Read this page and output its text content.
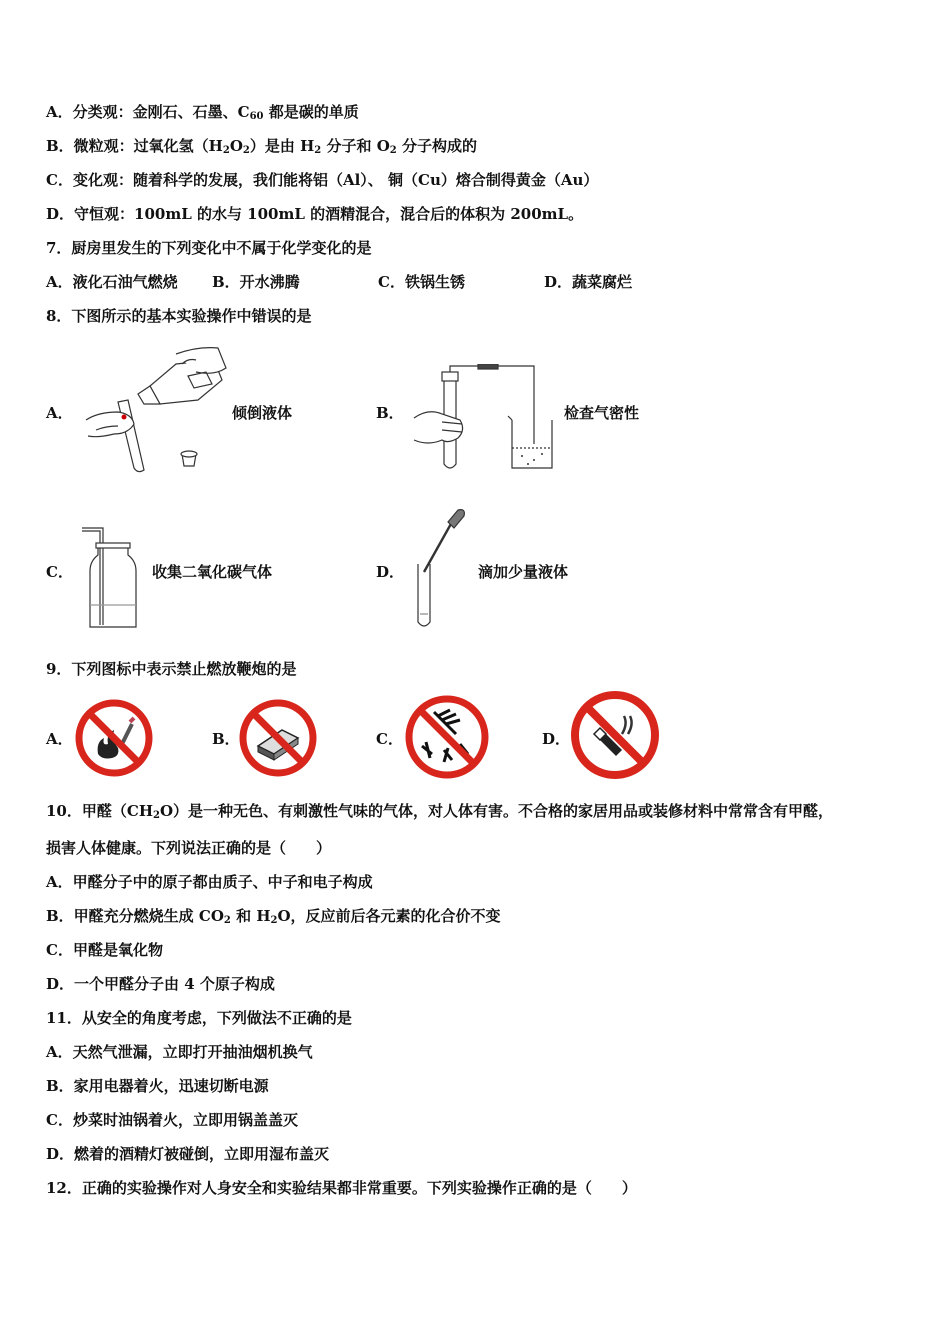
A．分类观：金刚石、石墨、$C_{60}$ 都是碳的单质
B．微粒观：过氧化氢$(H_2O_2)$是由 $H_2$ 分子和 $O_2$ 分子构成的
C．变化观：随着科学的发展，我们能将铝（Al）、 铜（Cu）熔合制得黄金（Au）
D．守恒观：100mL 的水与 100mL 的酒精混合，混合后的体积为 200mL。
7．厨房里发生的下列变化中不属于化学变化的是
A．液化石油气燃烧 B．开水沸腾	C．铁锅生锈	D．蔬菜腐烂
8．下图所示的基本实验操作中错误的是
A．	倾倒液体	B．	检查气密性
C．	收集二氧化碳气体	D．	滴加少量液体
9．下列图标中表示禁止燃放鞭炮的是
A．	B．	C．	D．
10．甲醛$(CH_2O)$是一种无色、有刺激性气味的气体，对人体有害。不合格的家居用品或装修材料中常常含有甲醛，
损害人体健康。下列说法正确的是（　　）
A．甲醛分子中的原子都由质子、中子和电子构成
B．甲醛充分燃烧生成 $CO_2$ 和 $H_2O$，反应前后各元素的化合价不变
C．甲醛是氧化物
D．一个甲醛分子由 4 个原子构成
11．从安全的角度考虑，下列做法不正确的是
A．天然气泄漏，立即打开抽油烟机换气
B．家用电器着火，迅速切断电源
C．炒菜时油锅着火，立即用锅盖盖灭
D．燃着的酒精灯被碰倒，立即用湿布盖灭
12．正确的实验操作对人身安全和实验结果都非常重要。下列实验操作正确的是（　　）
